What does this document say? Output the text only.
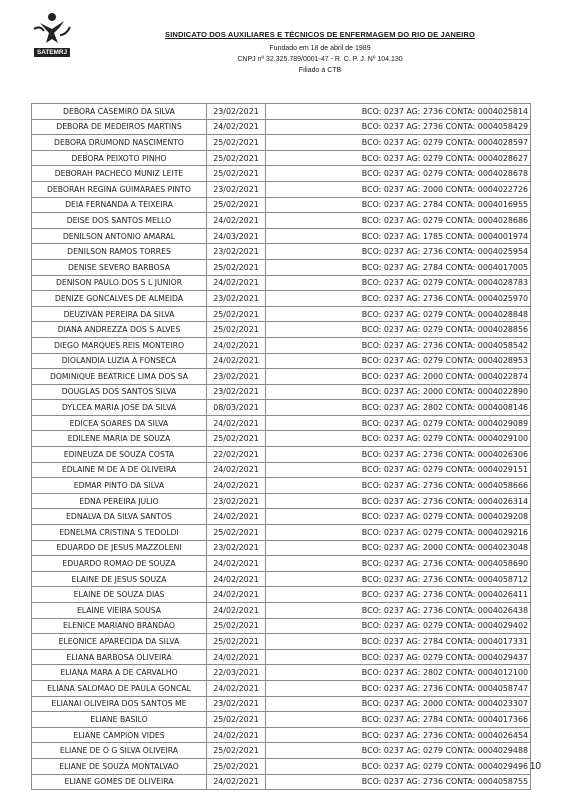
SATEMRJ
SINDICATO DOS AUXILIARES E TÉCNICOS DE ENFERMAGEM DO RIO DE JANEIRO
Fundado em 18 de abril de 1989
CNPJ nº 32.325.789/0001-47 - R. C. P. J. Nº 104.130
Filiado à CTB
DEBORA CASEMIRO DA SILVA	23/02/2021	BCO: 0237 AG: 2736 CONTA: 0004025814
DEBORA DE MEDEIROS MARTINS	24/02/2021	BCO: 0237 AG: 2736 CONTA: 0004058429
DEBORA DRUMOND NASCIMENTO	25/02/2021	BCO: 0237 AG: 0279 CONTA: 0004028597
DEBORA PEIXOTO PINHO	25/02/2021	BCO: 0237 AG: 0279 CONTA: 0004028627
DEBORAH PACHECO MUNIZ LEITE	25/02/2021	BCO: 0237 AG: 0279 CONTA: 0004028678
DEBORAH REGINA GUIMARAES PINTO	23/02/2021	BCO: 0237 AG: 2000 CONTA: 0004022726
DEIA FERNANDA A TEIXEIRA	25/02/2021	BCO: 0237 AG: 2784 CONTA: 0004016955
DEISE DOS SANTOS MELLO	24/02/2021	BCO: 0237 AG: 0279 CONTA: 0004028686
DENILSON ANTONIO AMARAL	24/03/2021	BCO: 0237 AG: 1785 CONTA: 0004001974
DENILSON RAMOS TORRES	23/02/2021	BCO: 0237 AG: 2736 CONTA: 0004025954
DENISE SEVERO BARBOSA	25/02/2021	BCO: 0237 AG: 2784 CONTA: 0004017005
DENISON PAULO DOS S L JUNIOR	24/02/2021	BCO: 0237 AG: 0279 CONTA: 0004028783
DENIZE GONCALVES DE ALMEIDA	23/02/2021	BCO: 0237 AG: 2736 CONTA: 0004025970
DEUZIVAN PEREIRA DA SILVA	25/02/2021	BCO: 0237 AG: 0279 CONTA: 0004028848
DIANA ANDREZZA DOS S ALVES	25/02/2021	BCO: 0237 AG: 0279 CONTA: 0004028856
DIEGO MARQUES REIS MONTEIRO	24/02/2021	BCO: 0237 AG: 2736 CONTA: 0004058542
DIOLANDIA LUZIA A FONSECA	24/02/2021	BCO: 0237 AG: 0279 CONTA: 0004028953
DOMINIQUE BEATRICE LIMA DOS SA	23/02/2021	BCO: 0237 AG: 2000 CONTA: 0004022874
DOUGLAS DOS SANTOS SILVA	23/02/2021	BCO: 0237 AG: 2000 CONTA: 0004022890
DYLCEA MARIA JOSE DA SILVA	08/03/2021	BCO: 0237 AG: 2802 CONTA: 0004008146
EDICEA SOARES DA SILVA	24/02/2021	BCO: 0237 AG: 0279 CONTA: 0004029089
EDILENE MARIA DE SOUZA	25/02/2021	BCO: 0237 AG: 0279 CONTA: 0004029100
EDINEUZA DE SOUZA COSTA	22/02/2021	BCO: 0237 AG: 2736 CONTA: 0004026306
EDLAINE M DE A DE OLIVEIRA	24/02/2021	BCO: 0237 AG: 0279 CONTA: 0004029151
EDMAR PINTO DA SILVA	24/02/2021	BCO: 0237 AG: 2736 CONTA: 0004058666
EDNA PEREIRA JULIO	23/02/2021	BCO: 0237 AG: 2736 CONTA: 0004026314
EDNALVA DA SILVA SANTOS	24/02/2021	BCO: 0237 AG: 0279 CONTA: 0004029208
EDNELMA CRISTINA S TEDOLDI	25/02/2021	BCO: 0237 AG: 0279 CONTA: 0004029216
EDUARDO DE JESUS MAZZOLENI	23/02/2021	BCO: 0237 AG: 2000 CONTA: 0004023048
EDUARDO ROMAO DE SOUZA	24/02/2021	BCO: 0237 AG: 2736 CONTA: 0004058690
ELAINE DE JESUS SOUZA	24/02/2021	BCO: 0237 AG: 2736 CONTA: 0004058712
ELAINE DE SOUZA DIAS	24/02/2021	BCO: 0237 AG: 2736 CONTA: 0004026411
ELAINE VIEIRA SOUSA	24/02/2021	BCO: 0237 AG: 2736 CONTA: 0004026438
ELENICE MARIANO BRANDAO	25/02/2021	BCO: 0237 AG: 0279 CONTA: 0004029402
ELEONICE APARECIDA DA SILVA	25/02/2021	BCO: 0237 AG: 2784 CONTA: 0004017331
ELIANA BARBOSA OLIVEIRA	24/02/2021	BCO: 0237 AG: 0279 CONTA: 0004029437
ELIANA MARA A DE CARVALHO	22/03/2021	BCO: 0237 AG: 2802 CONTA: 0004012100
ELIANA SALOMAO DE PAULA GONCAL	24/02/2021	BCO: 0237 AG: 2736 CONTA: 0004058747
ELIANAI OLIVEIRA DOS SANTOS ME	23/02/2021	BCO: 0237 AG: 2000 CONTA: 0004023307
ELIANE BASILO	25/02/2021	BCO: 0237 AG: 2784 CONTA: 0004017366
ELIANE CAMPION VIDES	24/02/2021	BCO: 0237 AG: 2736 CONTA: 0004026454
ELIANE DE O G SILVA OLIVEIRA	25/02/2021	BCO: 0237 AG: 0279 CONTA: 0004029488
ELIANE DE SOUZA MONTALVAO	25/02/2021	BCO: 0237 AG: 0279 CONTA: 0004029496
ELIANE GOMES DE OLIVEIRA	24/02/2021	BCO: 0237 AG: 2736 CONTA: 0004058755
10
